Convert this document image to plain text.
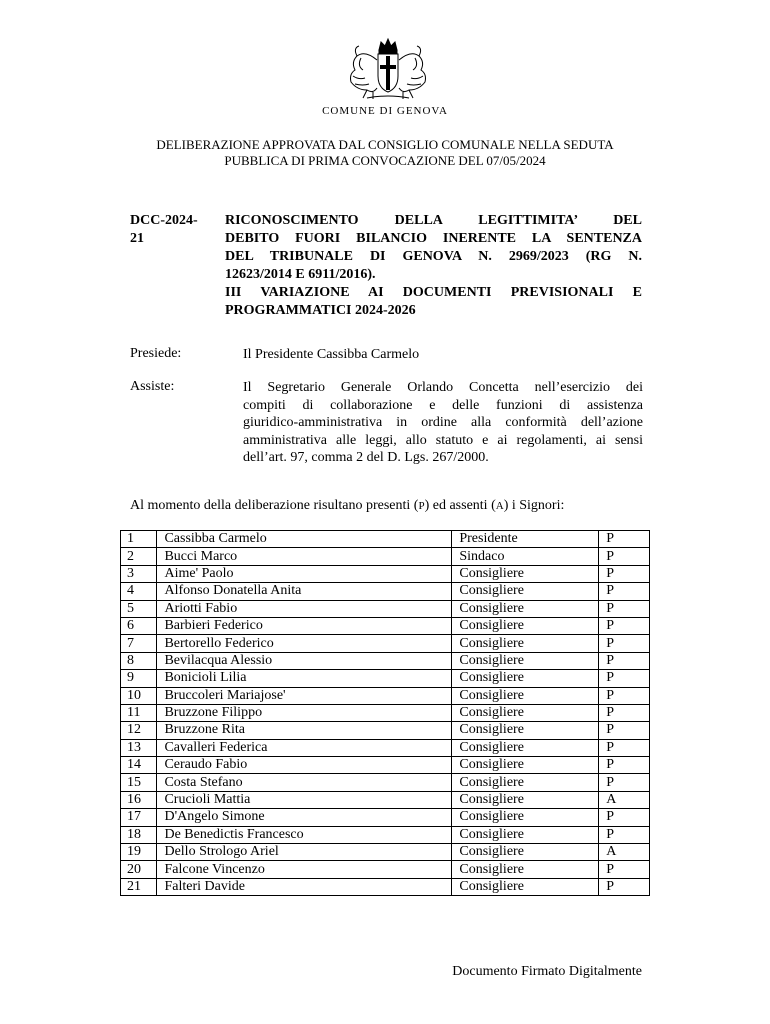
COMUNE DI GENOVA
DELIBERAZIONE APPROVATA DAL CONSIGLIO COMUNALE NELLA SEDUTA
PUBBLICA DI PRIMA CONVOCAZIONE DEL 07/05/2024
DCC-2024-
21
RICONOSCIMENTO DELLA LEGITTIMITA’ DEL
DEBITO FUORI BILANCIO INERENTE LA SENTENZA
DEL TRIBUNALE DI GENOVA N. 2969/2023 (RG N.
12623/2014 E 6911/2016).
III VARIAZIONE AI DOCUMENTI PREVISIONALI E
PROGRAMMATICI 2024-2026
Presiede:	Il Presidente Cassibba Carmelo
Assiste:	Il Segretario Generale Orlando Concetta nell’esercizio dei
compiti di collaborazione e delle funzioni di assistenza
giuridico-amministrativa in ordine alla conformità dell’azione
amministrativa alle leggi, allo statuto e ai regolamenti, ai sensi
dell’art. 97, comma 2 del D. Lgs. 267/2000.
Al momento della deliberazione risultano presenti (P) ed assenti (A) i Signori:
1	Cassibba Carmelo	Presidente	P
2	Bucci Marco	Sindaco	P
3	Aime' Paolo	Consigliere	P
4	Alfonso Donatella Anita	Consigliere	P
5	Ariotti Fabio	Consigliere	P
6	Barbieri Federico	Consigliere	P
7	Bertorello Federico	Consigliere	P
8	Bevilacqua Alessio	Consigliere	P
9	Bonicioli Lilia	Consigliere	P
10	Bruccoleri Mariajose'	Consigliere	P
11	Bruzzone Filippo	Consigliere	P
12	Bruzzone Rita	Consigliere	P
13	Cavalleri Federica	Consigliere	P
14	Ceraudo Fabio	Consigliere	P
15	Costa Stefano	Consigliere	P
16	Crucioli Mattia	Consigliere	A
17	D'Angelo Simone	Consigliere	P
18	De Benedictis Francesco	Consigliere	P
19	Dello Strologo Ariel	Consigliere	A
20	Falcone Vincenzo	Consigliere	P
21	Falteri Davide	Consigliere	P
Documento Firmato Digitalmente
